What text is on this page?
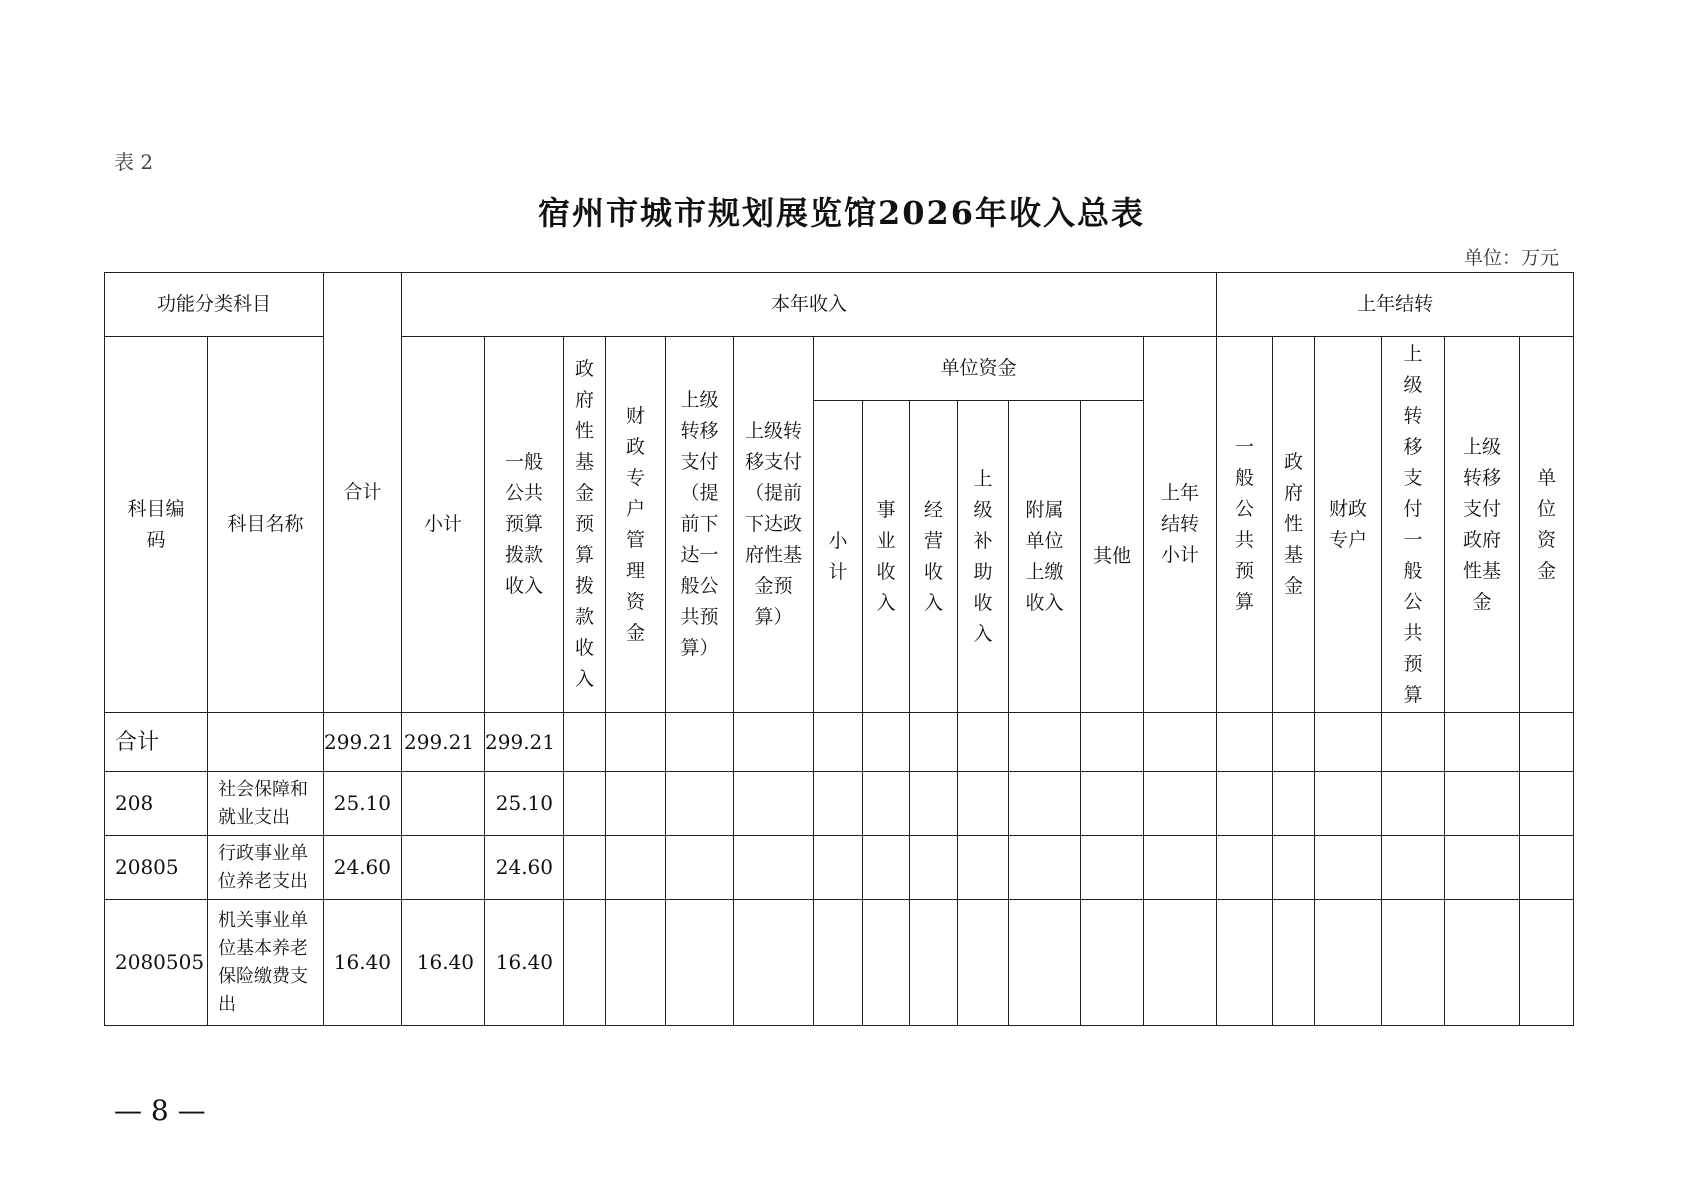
表 2
宿州市城市规划展览馆2026年收入总表
单位：万元
功能分类科目		合计	本年收入													上年结转					
科目编码	科目名称		小计	一般公共预算拨款收入	政府性基金预算拨款收入	财政专户管理资金	上级转移支付（提前下达一般公共预算）	上级转移支付（提前下达政府性基金预算）	单位资金						上年结转小计	一般公共预算	政府性基金	财政专户	上级转移支付一般公共预算	上级转移支付政府性基金	单位资金
									小计	事业收入	经营收入	上级补助收入	附属单位上缴收入	其他							
合计		299.21	299.21	299.21																	
208	社会保障和就业支出	25.10		25.10																	
20805	行政事业单位养老支出	24.60		24.60																	
2080505	机关事业单位基本养老保险缴费支出	16.40	16.40	16.40																	
— 8 —
